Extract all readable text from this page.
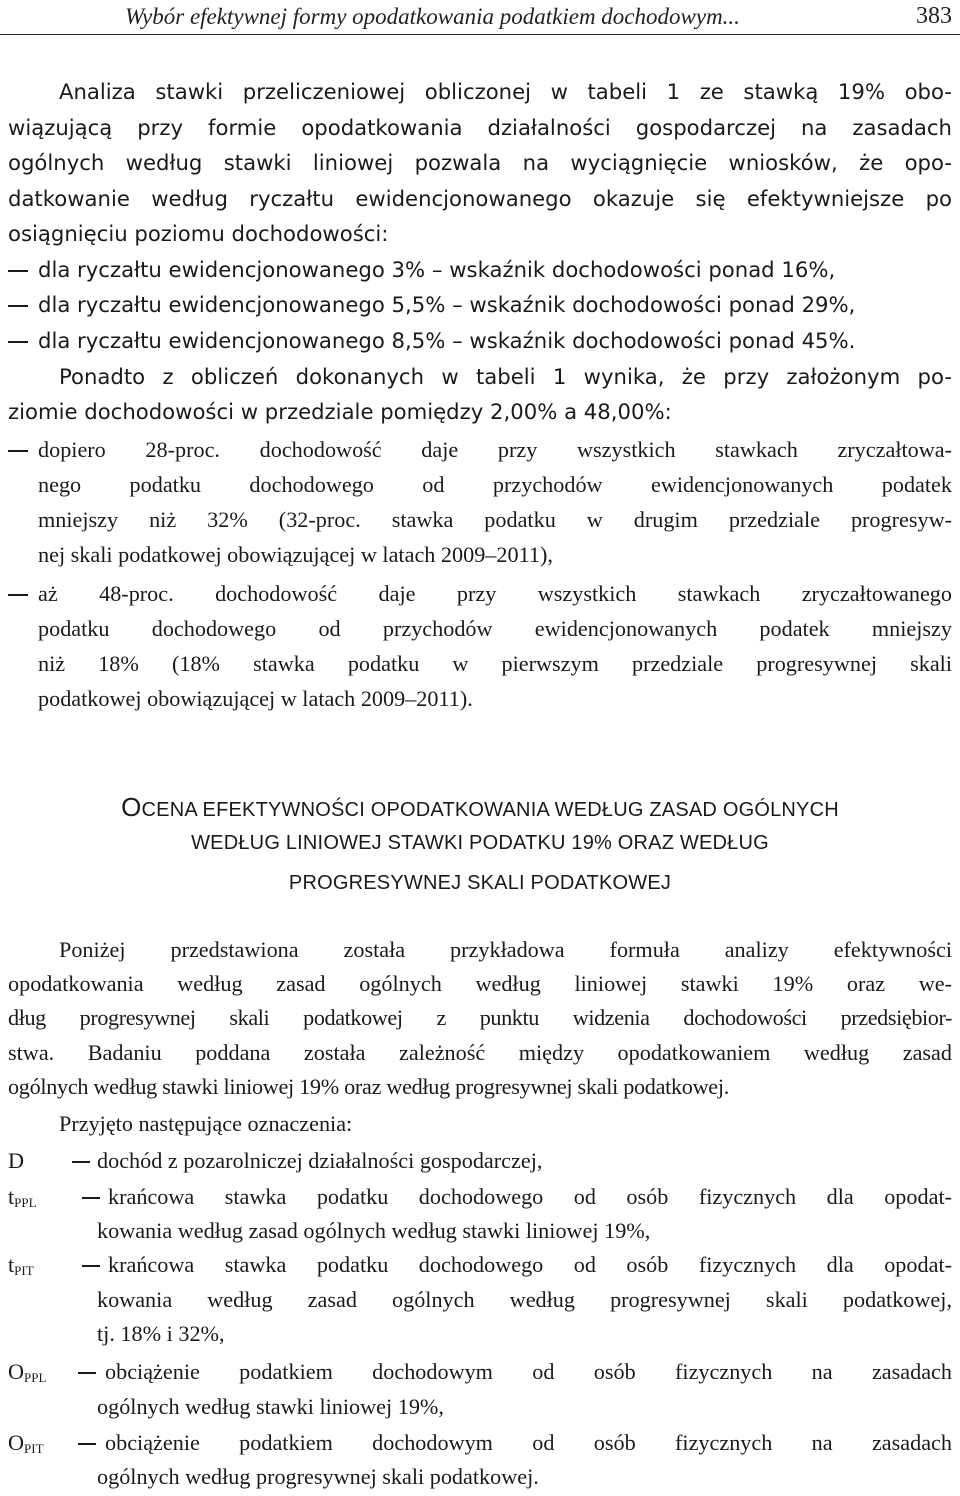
Wybór efektywnej formy opodatkowania podatkiem dochodowym...	383
Analiza stawki przeliczeniowej obliczonej w tabeli 1 ze stawką 19% obo-
wiązującą przy formie opodatkowania działalności gospodarczej na zasadach
ogólnych według stawki liniowej pozwala na wyciągnięcie wniosków, że opo-
datkowanie według ryczałtu ewidencjonowanego okazuje się efektywniejsze po
osiągnięciu poziomu dochodowości:
dla ryczałtu ewidencjonowanego 3% – wskaźnik dochodowości ponad 16%,
dla ryczałtu ewidencjonowanego 5,5% – wskaźnik dochodowości ponad 29%,
dla ryczałtu ewidencjonowanego 8,5% – wskaźnik dochodowości ponad 45%.
Ponadto z obliczeń dokonanych w tabeli 1 wynika, że przy założonym po-
ziomie dochodowości w przedziale pomiędzy 2,00% a 48,00%:
dopiero 28-proc. dochodowość daje przy wszystkich stawkach zryczałtowa-
nego podatku dochodowego od przychodów ewidencjonowanych podatek
mniejszy niż 32% (32-proc. stawka podatku w drugim przedziale progresyw-
nej skali podatkowej obowiązującej w latach 2009–2011),
aż 48-proc. dochodowość daje przy wszystkich stawkach zryczałtowanego
podatku dochodowego od przychodów ewidencjonowanych podatek mniejszy
niż 18% (18% stawka podatku w pierwszym przedziale progresywnej skali
podatkowej obowiązującej w latach 2009–2011).
OCENA EFEKTYWNOŚCI OPODATKOWANIA WEDŁUG ZASAD OGÓLNYCH
WEDŁUG LINIOWEJ STAWKI PODATKU 19% ORAZ WEDŁUG
PROGRESYWNEJ SKALI PODATKOWEJ
Poniżej przedstawiona została przykładowa formuła analizy efektywności
opodatkowania według zasad ogólnych według liniowej stawki 19% oraz we-
dług progresywnej skali podatkowej z punktu widzenia dochodowości przedsiębior-
stwa. Badaniu poddana została zależność między opodatkowaniem według zasad
ogólnych według stawki liniowej 19% oraz według progresywnej skali podatkowej.
Przyjęto następujące oznaczenia:
D	dochód z pozarolniczej działalności gospodarczej,
$t_{PPL}$	krańcowa stawka podatku dochodowego od osób fizycznych dla opodat-
kowania według zasad ogólnych według stawki liniowej 19%,
$t_{PIT}$	krańcowa stawka podatku dochodowego od osób fizycznych dla opodat-
kowania według zasad ogólnych według progresywnej skali podatkowej,
tj. 18% i 32%,
$O_{PPL}$	obciążenie podatkiem dochodowym od osób fizycznych na zasadach
ogólnych według stawki liniowej 19%,
$O_{PIT}$	obciążenie podatkiem dochodowym od osób fizycznych na zasadach
ogólnych według progresywnej skali podatkowej.
